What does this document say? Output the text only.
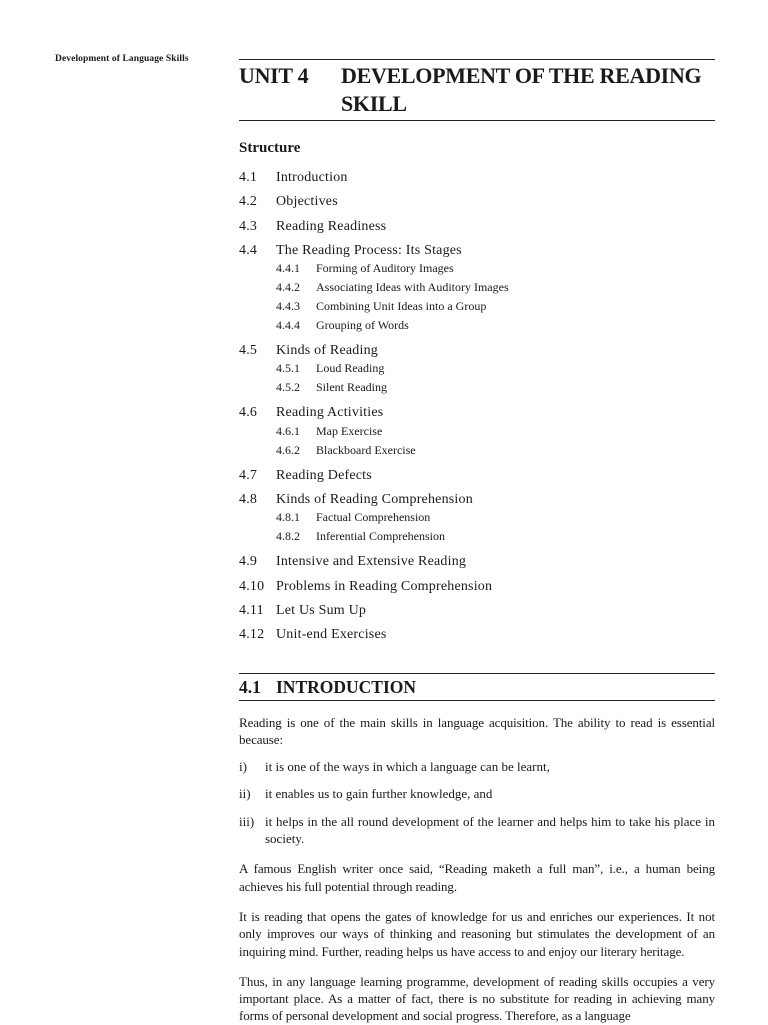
Development of Language Skills
UNIT 4	DEVELOPMENT OF THE READING SKILL
Structure
4.1	Introduction
4.2	Objectives
4.3	Reading Readiness
4.4	The Reading Process: Its Stages
4.4.1	Forming of Auditory Images
4.4.2	Associating Ideas with Auditory Images
4.4.3	Combining Unit Ideas into a Group
4.4.4	Grouping of Words
4.5	Kinds of Reading
4.5.1	Loud Reading
4.5.2	Silent Reading
4.6	Reading Activities
4.6.1	Map Exercise
4.6.2	Blackboard Exercise
4.7	Reading Defects
4.8	Kinds of Reading Comprehension
4.8.1	Factual Comprehension
4.8.2	Inferential Comprehension
4.9	Intensive and Extensive Reading
4.10 Problems in Reading Comprehension
4.11 Let Us Sum Up
4.12 Unit-end Exercises
4.1 INTRODUCTION

Reading is one of the main skills in language acquisition. The ability to read is essential because:

i)	it is one of the ways in which a language can be learnt,
ii)	it enables us to gain further knowledge, and
iii) it helps in the all round development of the learner and helps him to take his place in society.

A famous English writer once said, “Reading maketh a full man”, i.e., a human being achieves his full potential through reading.

It is reading that opens the gates of knowledge for us and enriches our experiences. It not only improves our ways of thinking and reasoning but stimulates the development of an inquiring mind. Further, reading helps us have access to and enjoy our literary heritage.

Thus, in any language learning programme, development of reading skills occupies a very important place. As a matter of fact, there is no substitute for reading in achieving many forms of personal development and social progress. Therefore, as a language
